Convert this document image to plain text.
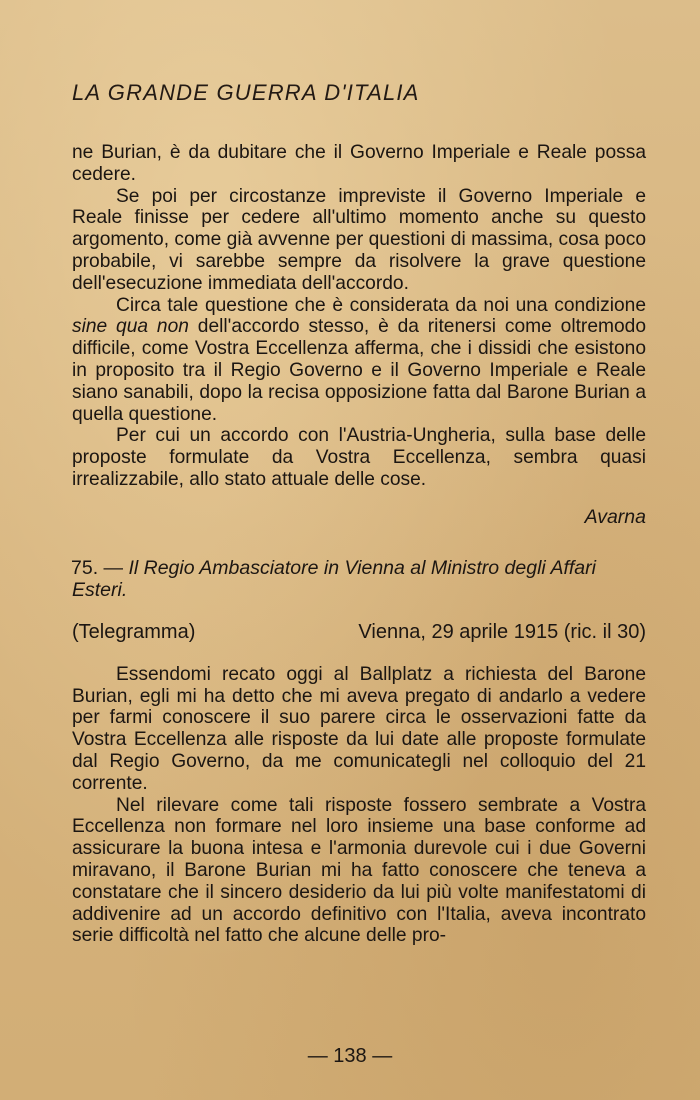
LA GRANDE GUERRA D'ITALIA

ne Burian, è da dubitare che il Governo Imperiale e Reale possa cedere.

Se poi per circostanze impreviste il Governo Imperiale e Reale finisse per cedere all'ultimo momento anche su questo argomento, come già avvenne per questioni di massima, cosa poco probabile, vi sarebbe sempre da risolvere la grave questione dell'esecuzione immediata dell'accordo.

Circa tale questione che è considerata da noi una condizione sine qua non dell'accordo stesso, è da ritenersi come oltremodo difficile, come Vostra Eccellenza afferma, che i dissidi che esistono in proposito tra il Regio Governo e il Governo Imperiale e Reale siano sanabili, dopo la recisa opposizione fatta dal Barone Burian a quella questione.

Per cui un accordo con l'Austria-Ungheria, sulla base delle proposte formulate da Vostra Eccellenza, sembra quasi irrealizzabile, allo stato attuale delle cose.

Avarna

75. — Il Regio Ambasciatore in Vienna al Ministro degli Affari Esteri.

(Telegramma)	Vienna, 29 aprile 1915 (ric. il 30)

Essendomi recato oggi al Ballplatz a richiesta del Barone Burian, egli mi ha detto che mi aveva pregato di andarlo a vedere per farmi conoscere il suo parere circa le osservazioni fatte da Vostra Eccellenza alle risposte da lui date alle proposte formulate dal Regio Governo, da me comunicategli nel colloquio del 21 corrente.

Nel rilevare come tali risposte fossero sembrate a Vostra Eccellenza non formare nel loro insieme una base conforme ad assicurare la buona intesa e l'armonia durevole cui i due Governi miravano, il Barone Burian mi ha fatto conoscere che teneva a constatare che il sincero desiderio da lui più volte manifestatomi di addivenire ad un accordo definitivo con l'Italia, aveva incontrato serie difficoltà nel fatto che alcune delle pro-

— 138 —
